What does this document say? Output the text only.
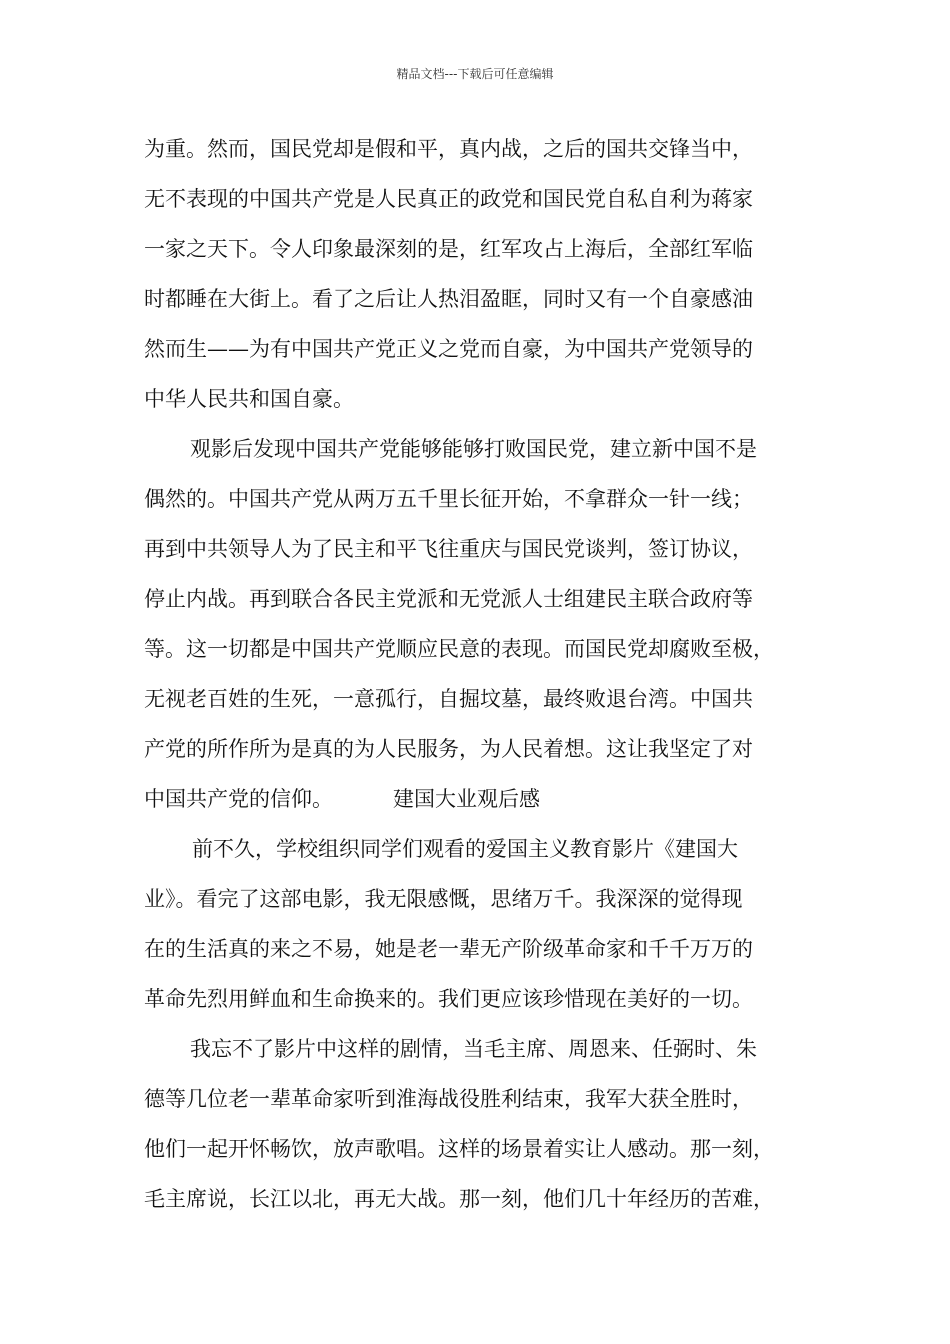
精品文档---下载后可任意编辑
为重。然而，国民党却是假和平，真内战，之后的国共交锋当中，
无不表现的中国共产党是人民真正的政党和国民党自私自利为蒋家
一家之天下。令人印象最深刻的是，红军攻占上海后，全部红军临
时都睡在大街上。看了之后让人热泪盈眶，同时又有一个自豪感油
然而生——为有中国共产党正义之党而自豪，为中国共产党领导的
中华人民共和国自豪。
观影后发现中国共产党能够能够打败国民党，建立新中国不是
偶然的。中国共产党从两万五千里长征开始，不拿群众一针一线；
再到中共领导人为了民主和平飞往重庆与国民党谈判，签订协议，
停止内战。再到联合各民主党派和无党派人士组建民主联合政府等
等。这一切都是中国共产党顺应民意的表现。而国民党却腐败至极，
无视老百姓的生死，一意孤行，自掘坟墓，最终败退台湾。中国共
产党的所作所为是真的为人民服务，为人民着想。这让我坚定了对
中国共产党的信仰。	建国大业观后感
前不久，学校组织同学们观看的爱国主义教育影片《建国大
业》。看完了这部电影，我无限感慨，思绪万千。我深深的觉得现
在的生活真的来之不易，她是老一辈无产阶级革命家和千千万万的
革命先烈用鲜血和生命换来的。我们更应该珍惜现在美好的一切。
我忘不了影片中这样的剧情，当毛主席、周恩来、任弼时、朱
德等几位老一辈革命家听到淮海战役胜利结束，我军大获全胜时，
他们一起开怀畅饮，放声歌唱。这样的场景着实让人感动。那一刻，
毛主席说，长江以北，再无大战。那一刻，他们几十年经历的苦难，
